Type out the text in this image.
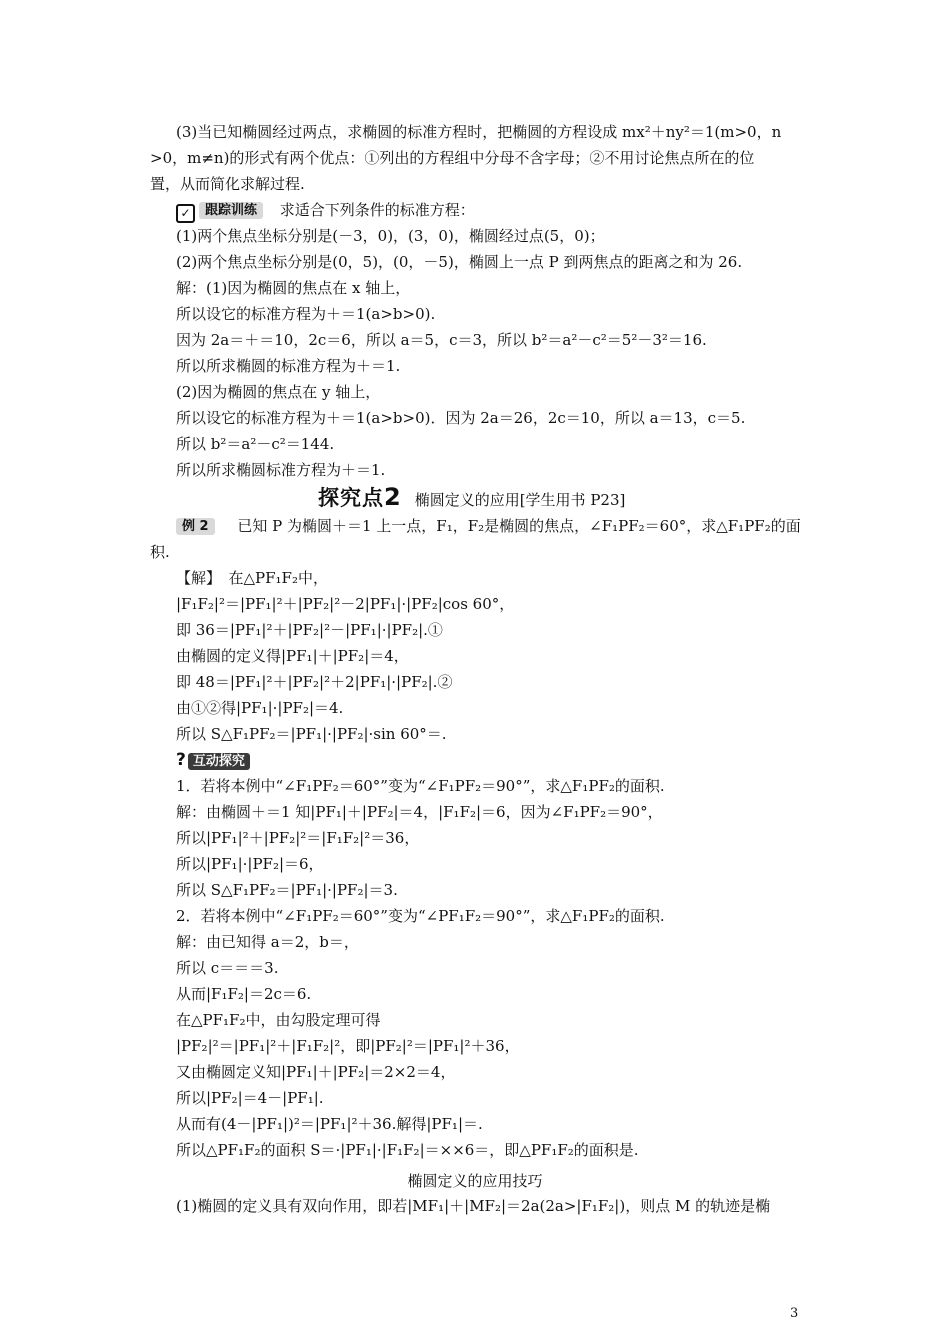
(3)当已知椭圆经过两点，求椭圆的标准方程时，把椭圆的方程设成 mx²＋ny²＝1(m>0，n
>0，m≠n)的形式有两个优点：①列出的方程组中分母不含字母；②不用讨论焦点所在的位
置，从而简化求解过程.
(1)两个焦点坐标分别是(－3，0)，(3，0)，椭圆经过点(5，0)；
(2)两个焦点坐标分别是(0，5)，(0，－5)，椭圆上一点 P 到两焦点的距离之和为 26.
解：(1)因为椭圆的焦点在 x 轴上，
所以设它的标准方程为＋＝1(a>b>0).
因为 2a＝＋＝10，2c＝6，所以 a＝5，c＝3，所以 b²＝a²－c²＝5²－3²＝16.
所以所求椭圆的标准方程为＋＝1.
(2)因为椭圆的焦点在 y 轴上，
所以设它的标准方程为＋＝1(a>b>0)．因为 2a＝26，2c＝10，所以 a＝13，c＝5.
所以 b²＝a²－c²＝144.
所以所求椭圆标准方程为＋＝1.
积.
【解】　在△PF₁F₂中，
|F₁F₂|²＝|PF₁|²＋|PF₂|²－2|PF₁|·|PF₂|cos 60°，
即 36＝|PF₁|²＋|PF₂|²－|PF₁|·|PF₂|.①
由椭圆的定义得|PF₁|＋|PF₂|＝4，
即 48＝|PF₁|²＋|PF₂|²＋2|PF₁|·|PF₂|.②
由①②得|PF₁|·|PF₂|＝4.
所以 S△F₁PF₂＝|PF₁|·|PF₂|·sin 60°＝.
1．若将本例中“∠F₁PF₂＝60°”变为“∠F₁PF₂＝90°”，求△F₁PF₂的面积.
解：由椭圆＋＝1 知|PF₁|＋|PF₂|＝4，|F₁F₂|＝6，因为∠F₁PF₂＝90°，
所以|PF₁|²＋|PF₂|²＝|F₁F₂|²＝36，
所以|PF₁|·|PF₂|＝6，
所以 S△F₁PF₂＝|PF₁|·|PF₂|＝3.
2．若将本例中“∠F₁PF₂＝60°”变为“∠PF₁F₂＝90°”，求△F₁PF₂的面积.
解：由已知得 a＝2，b＝，
所以 c＝＝＝3.
从而|F₁F₂|＝2c＝6.
在△PF₁F₂中，由勾股定理可得
|PF₂|²＝|PF₁|²＋|F₁F₂|²，即|PF₂|²＝|PF₁|²＋36，
又由椭圆定义知|PF₁|＋|PF₂|＝2×2＝4，
所以|PF₂|＝4－|PF₁|.
从而有(4－|PF₁|)²＝|PF₁|²＋36.解得|PF₁|＝.
所以△PF₁F₂的面积 S＝·|PF₁|·|F₁F₂|＝××6＝，即△PF₁F₂的面积是.
(1)椭圆的定义具有双向作用，即若|MF₁|＋|MF₂|＝2a(2a>|F₁F₂|)，则点 M 的轨迹是椭
✓ 跟踪训练 求适合下列条件的标准方程：
探究点2 椭圆定义的应用[学生用书 P23]
例 2 已知 P 为椭圆＋＝1 上一点，F₁，F₂是椭圆的焦点，∠F₁PF₂＝60°，求△F₁PF₂的面
? 互动探究
椭圆定义的应用技巧
3
